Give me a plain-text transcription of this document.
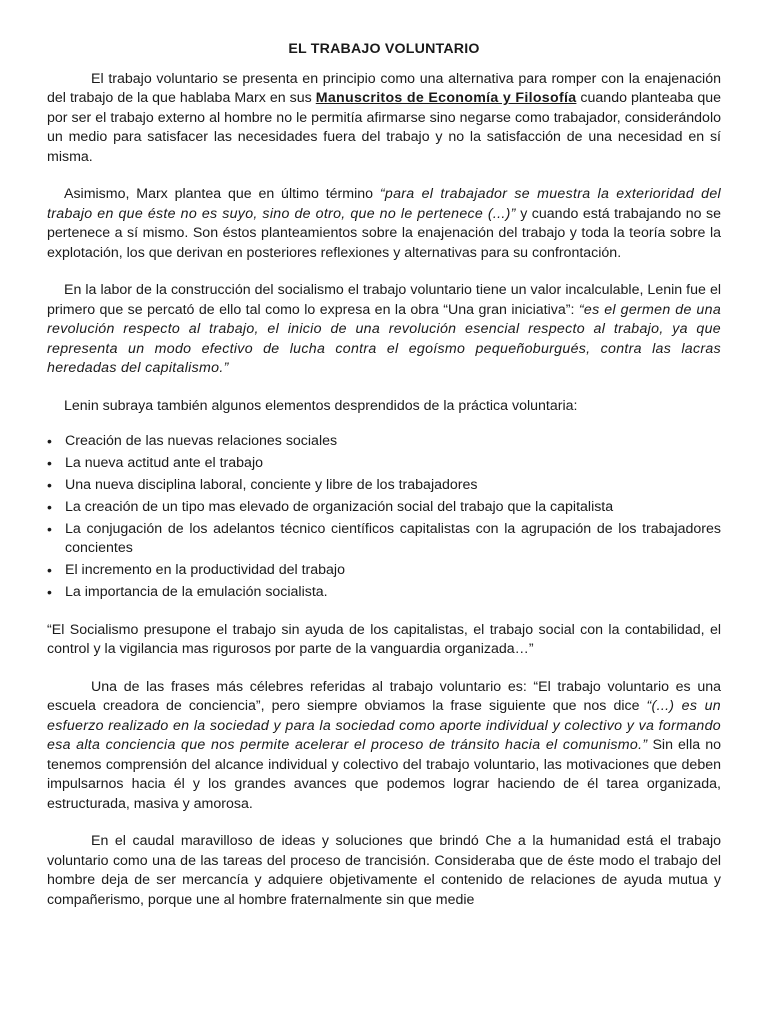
EL TRABAJO VOLUNTARIO

El trabajo voluntario se presenta en principio como una alternativa para romper con la enajenación del trabajo de la que hablaba Marx en sus Manuscritos de Economía y Filosofía cuando planteaba que por ser el trabajo externo al hombre no le permitía afirmarse sino negarse como trabajador, considerándolo un medio para satisfacer las necesidades fuera del trabajo y no la satisfacción de una necesidad en sí misma.

Asimismo, Marx plantea que en último término “para el trabajador se muestra la exterioridad del trabajo en que éste no es suyo, sino de otro, que no le pertenece (...)” y cuando está trabajando no se pertenece a sí mismo. Son éstos planteamientos sobre la enajenación del trabajo y toda la teoría sobre la explotación, los que derivan en posteriores reflexiones y alternativas para su confrontación.

En la labor de la construcción del socialismo el trabajo voluntario tiene un valor incalculable, Lenin fue el primero que se percató de ello tal como lo expresa en la obra “Una gran iniciativa”: “es el germen de una revolución respecto al trabajo, el inicio de una revolución esencial respecto al trabajo, ya que representa un modo efectivo de lucha contra el egoísmo pequeñoburgués, contra las lacras heredadas del capitalismo.”

Lenin subraya también algunos elementos desprendidos de la práctica voluntaria:

• Creación de las nuevas relaciones sociales
• La nueva actitud ante el trabajo
• Una nueva disciplina laboral, conciente y libre de los trabajadores
• La creación de un tipo mas elevado de organización social del trabajo que la capitalista
• La conjugación de los adelantos técnico científicos capitalistas con la agrupación de los trabajadores concientes
• El incremento en la productividad del trabajo
• La importancia de la emulación socialista.

“El Socialismo presupone el trabajo sin ayuda de los capitalistas, el trabajo social con la contabilidad, el control y la vigilancia mas rigurosos por parte de la vanguardia organizada…”

Una de las frases más célebres referidas al trabajo voluntario es: “El trabajo voluntario es una escuela creadora de conciencia”, pero siempre obviamos la frase siguiente que nos dice “(...) es un esfuerzo realizado en la sociedad y para la sociedad como aporte individual y colectivo y va formando esa alta conciencia que nos permite acelerar el proceso de tránsito hacia el comunismo.” Sin ella no tenemos comprensión del alcance individual y colectivo del trabajo voluntario, las motivaciones que deben impulsarnos hacia él y los grandes avances que podemos lograr haciendo de él tarea organizada, estructurada, masiva y amorosa.

En el caudal maravilloso de ideas y soluciones que brindó Che a la humanidad está el trabajo voluntario como una de las tareas del proceso de trancisión. Consideraba que de éste modo el trabajo del hombre deja de ser mercancía y adquiere objetivamente el contenido de relaciones de ayuda mutua y compañerismo, porque une al hombre fraternalmente sin que medie
